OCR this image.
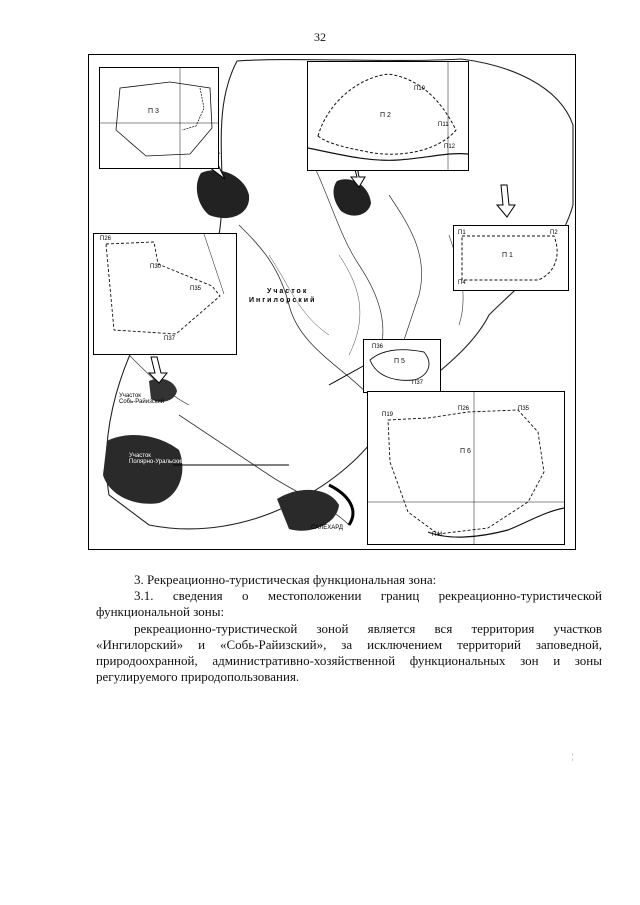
32
П 3
П 2
П10
П11
П12
П 1
П1	П2
П4
П26
П30
П35
П37
П 5
П36
П37
П 6
П19
П26	П35
П41
Участок
Ингилорский
Участок
Собь-Райизский
Участок
Полярно-Уральский
САЛЕХАРД
3. Рекреационно-туристическая функциональная зона:
3.1. сведения о местоположении границ рекреационно-туристической функциональной зоны:
рекреационно-туристической зоной является вся территория участков «Ингилорский» и «Собь-Райизский», за исключением территорий заповедной, природоохранной, административно-хозяйственной функциональных зон и зоны регулируемого природопользования.
¦
